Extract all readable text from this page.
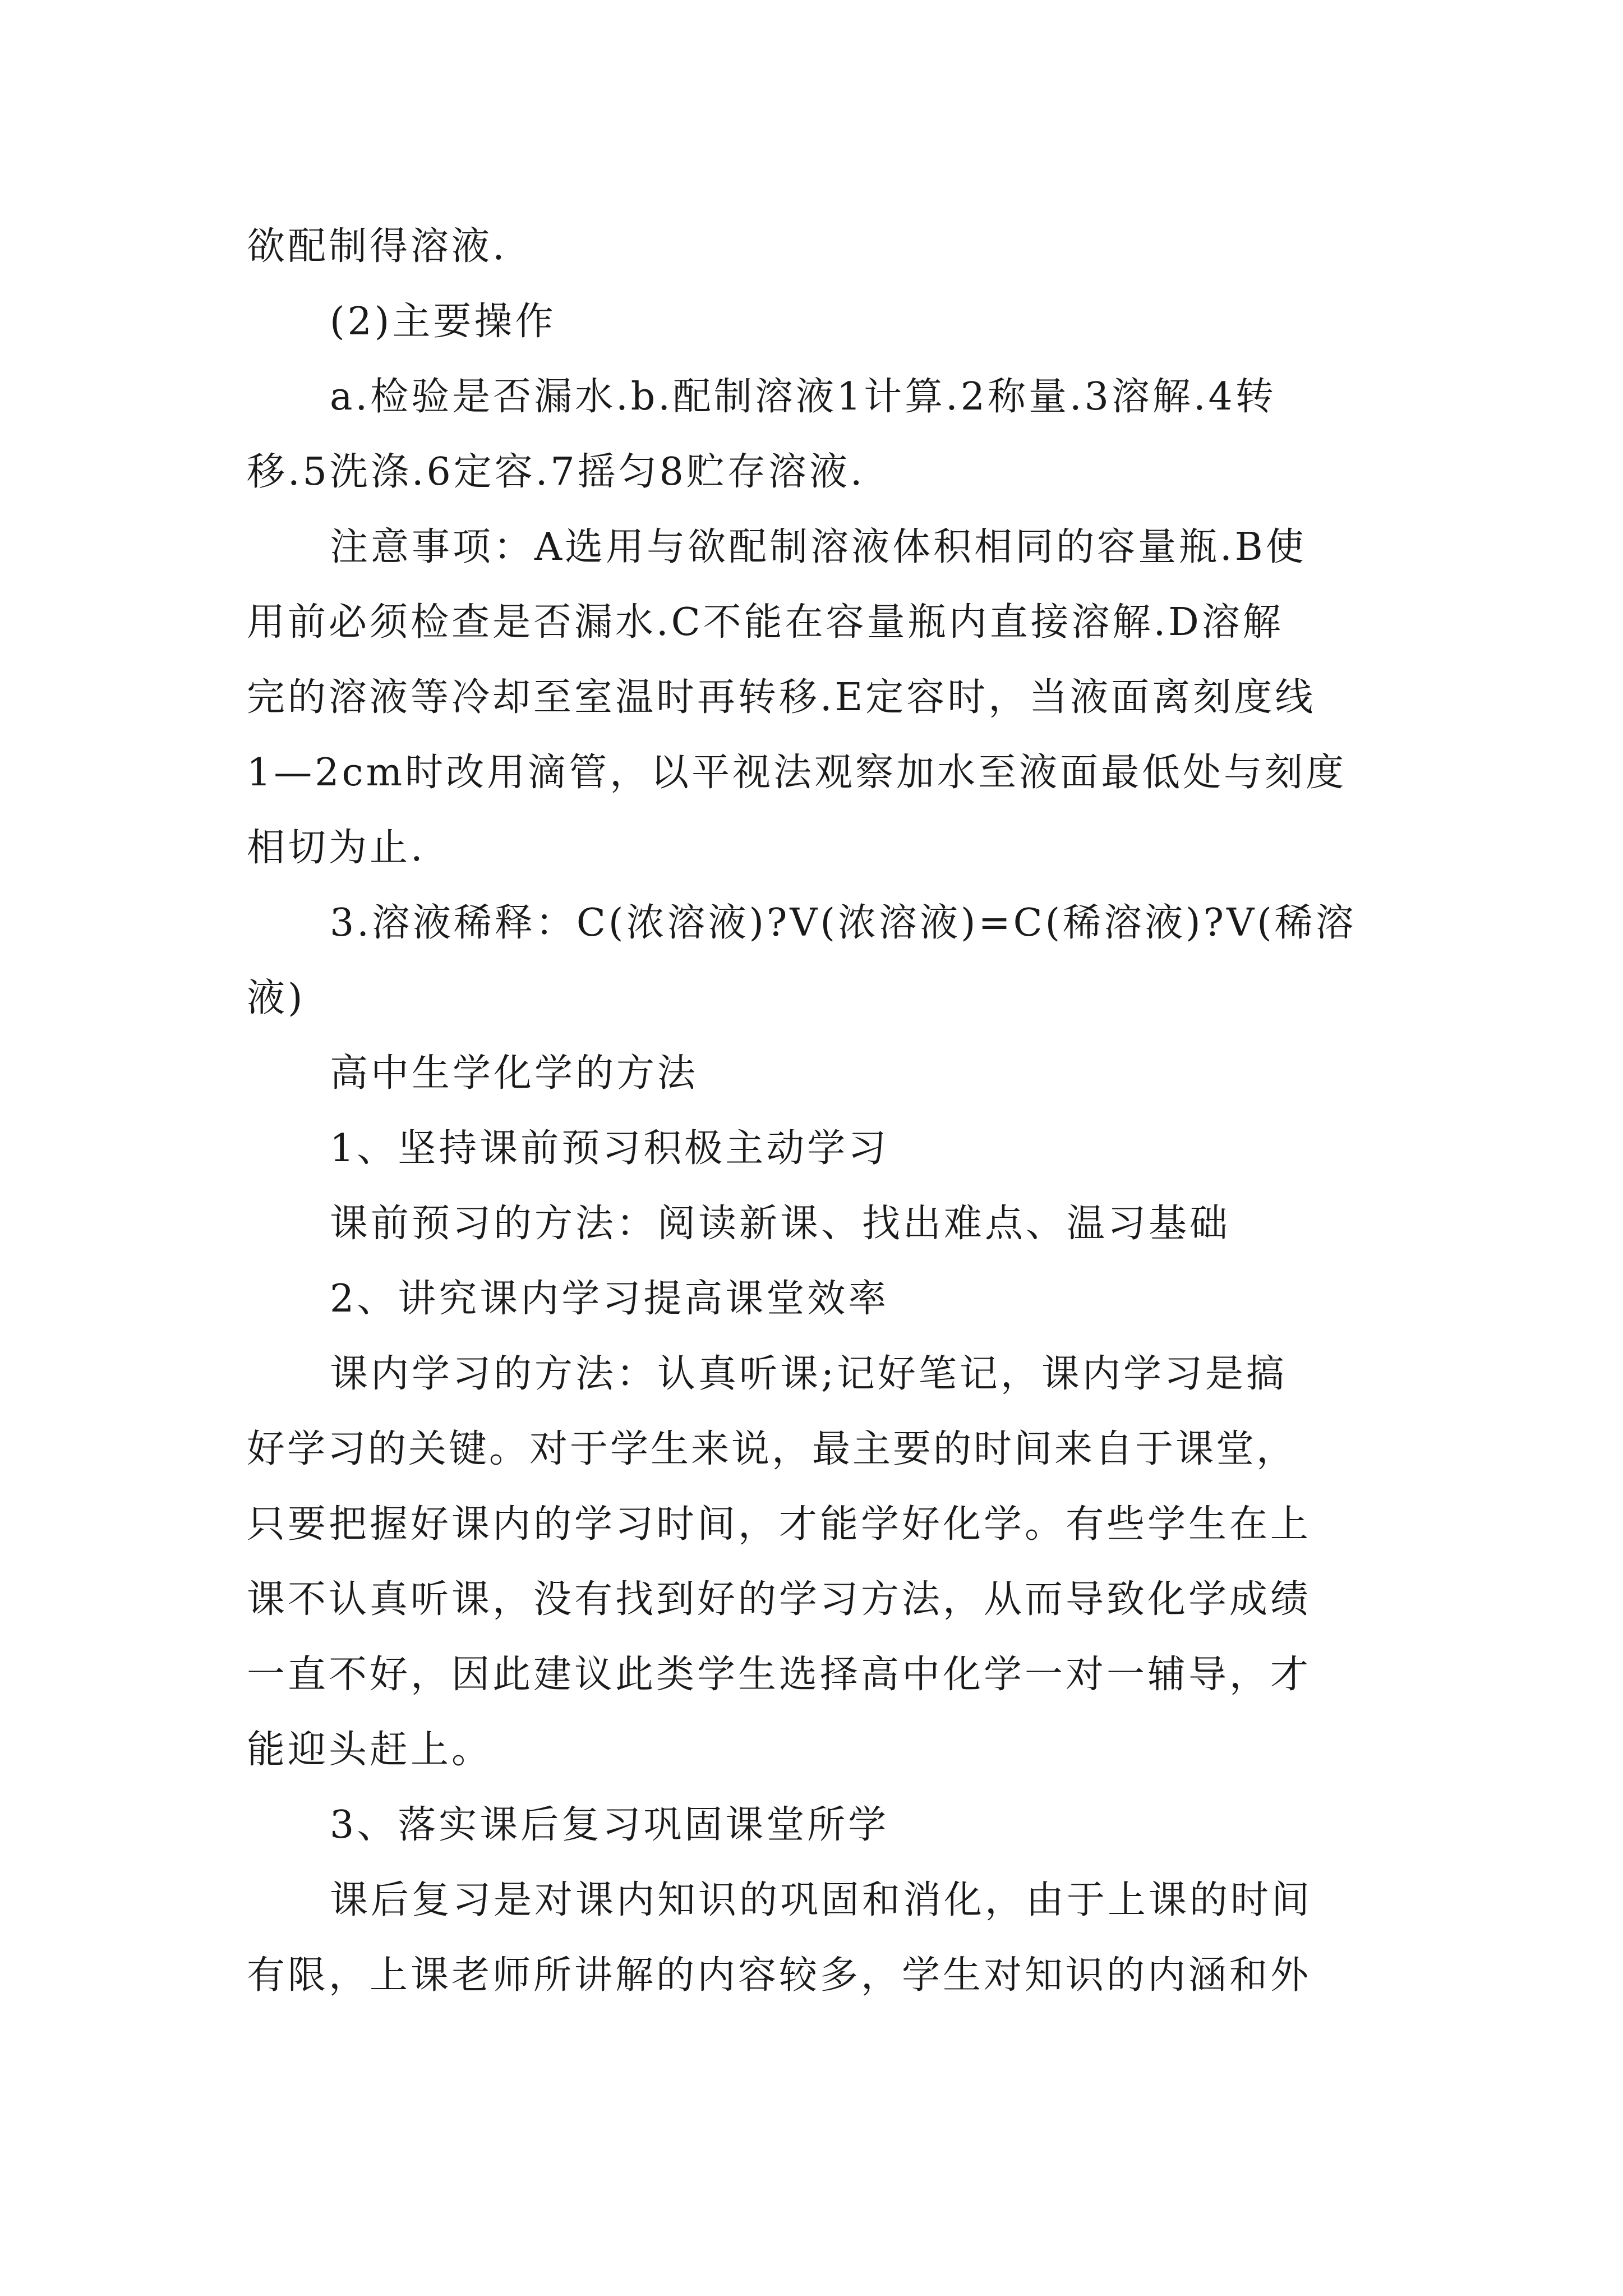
欲配制得溶液.
(2)主要操作
a.检验是否漏水.b.配制溶液1计算.2称量.3溶解.4转
移.5洗涤.6定容.7摇匀8贮存溶液.
注意事项：A选用与欲配制溶液体积相同的容量瓶.B使
用前必须检查是否漏水.C不能在容量瓶内直接溶解.D溶解
完的溶液等冷却至室温时再转移.E定容时，当液面离刻度线
1—2cm时改用滴管，以平视法观察加水至液面最低处与刻度
相切为止.
3.溶液稀释：C(浓溶液)?V(浓溶液)=C(稀溶液)?V(稀溶
液)
高中生学化学的方法
1、坚持课前预习积极主动学习
课前预习的方法：阅读新课、找出难点、温习基础
2、讲究课内学习提高课堂效率
课内学习的方法：认真听课;记好笔记，课内学习是搞
好学习的关键。对于学生来说，最主要的时间来自于课堂，
只要把握好课内的学习时间，才能学好化学。有些学生在上
课不认真听课，没有找到好的学习方法，从而导致化学成绩
一直不好，因此建议此类学生选择高中化学一对一辅导，才
能迎头赶上。
3、落实课后复习巩固课堂所学
课后复习是对课内知识的巩固和消化，由于上课的时间
有限，上课老师所讲解的内容较多，学生对知识的内涵和外
